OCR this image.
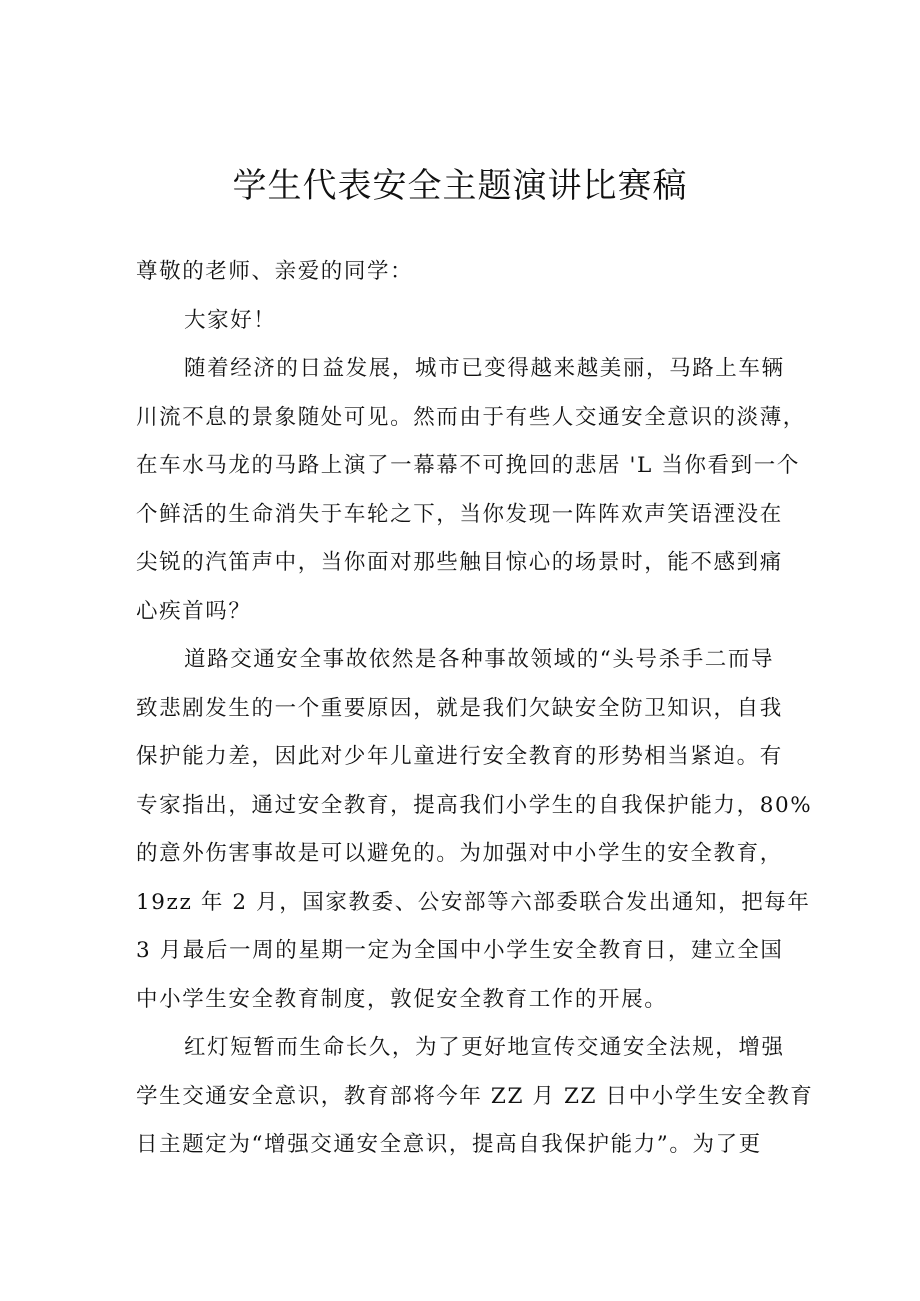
学生代表安全主题演讲比赛稿
尊敬的老师、亲爱的同学：
大家好！
随着经济的日益发展，城市已变得越来越美丽，马路上车辆
川流不息的景象随处可见。然而由于有些人交通安全意识的淡薄，
在车水马龙的马路上演了一幕幕不可挽回的悲居 'L 当你看到一个
个鲜活的生命消失于车轮之下，当你发现一阵阵欢声笑语湮没在
尖锐的汽笛声中，当你面对那些触目惊心的场景时，能不感到痛
心疾首吗？
道路交通安全事故依然是各种事故领域的“头号杀手二而导
致悲剧发生的一个重要原因，就是我们欠缺安全防卫知识，自我
保护能力差，因此对少年儿童进行安全教育的形势相当紧迫。有
专家指出，通过安全教育，提高我们小学生的自我保护能力，80%
的意外伤害事故是可以避免的。为加强对中小学生的安全教育，
19zz 年 2 月，国家教委、公安部等六部委联合发出通知，把每年
3 月最后一周的星期一定为全国中小学生安全教育日，建立全国
中小学生安全教育制度，敦促安全教育工作的开展。
红灯短暂而生命长久，为了更好地宣传交通安全法规，增强
学生交通安全意识，教育部将今年 ZZ 月 ZZ 日中小学生安全教育
日主题定为“增强交通安全意识，提高自我保护能力”。为了更
